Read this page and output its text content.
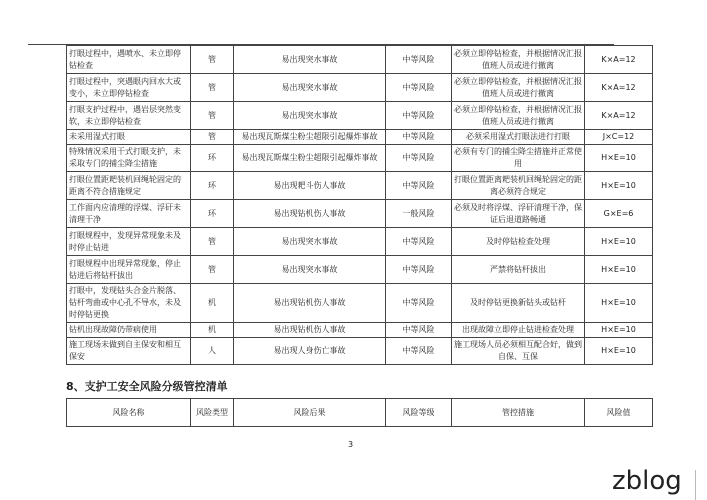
打眼过程中，遇喷水、未立即停钻检查	管	易出现突水事故	中等风险	必须立即停钻检查，并根据情况汇报值班人员或进行撤离	K×A=12
打眼过程中，突遇眼内回水大或变小，未立即停钻检查	管	易出现突水事故	中等风险	必须立即停钻检查，并根据情况汇报值班人员或进行撤离	K×A=12
打眼支护过程中，遇岩层突然变软，未立即停钻检查	管	易出现突水事故	中等风险	必须立即停钻检查，并根据情况汇报值班人员或进行撤离	K×A=12
未采用湿式打眼	管	易出现瓦斯煤尘粉尘超限引起爆炸事故	中等风险	必须采用湿式打眼法进行打眼	J×C=12
特殊情况采用干式打眼支护，未采取专门的捕尘降尘措施	环	易出现瓦斯煤尘粉尘超限引起爆炸事故	中等风险	必须有专门的捕尘降尘措施并正常使用	H×E=10
打眼位置距耙装机回绳轮固定的距离不符合措施规定	环	易出现耙斗伤人事故	中等风险	打眼位置距离耙装机回绳轮固定的距离必须符合规定	H×E=10
工作面内应清理的浮煤、浮矸未清理干净	环	易出现钻机伤人事故	一般风险	必须及时将浮煤、浮矸清理干净，保证后退道路畅通	G×E=6
打眼规程中，发现异常现象未及时停止钻进	管	易出现突水事故	中等风险	及时停钻检查处理	H×E=10
打眼规程中出现异常现象，停止钻进后将钻杆拔出	管	易出现突水事故	中等风险	严禁将钻杆拔出	H×E=10
打眼中，发现钻头合金片脱落、钻杆弯曲或中心孔不导水，未及时停钻更换	机	易出现钻机伤人事故	中等风险	及时停钻更换新钻头或钻杆	H×E=10
钻机出现故障仍带病使用	机	易出现钻机伤人事故	中等风险	出现故障立即停止钻进检查处理	H×E=10
施工现场未做到自主保安和相互保安	人	易出现人身伤亡事故	中等风险	施工现场人员必须相互配合好，做到自保、互保	H×E=10
8、支护工安全风险分级管控清单
风险名称	风险类型	风险后果	风险等级	管控措施	风险值
3
zblog
